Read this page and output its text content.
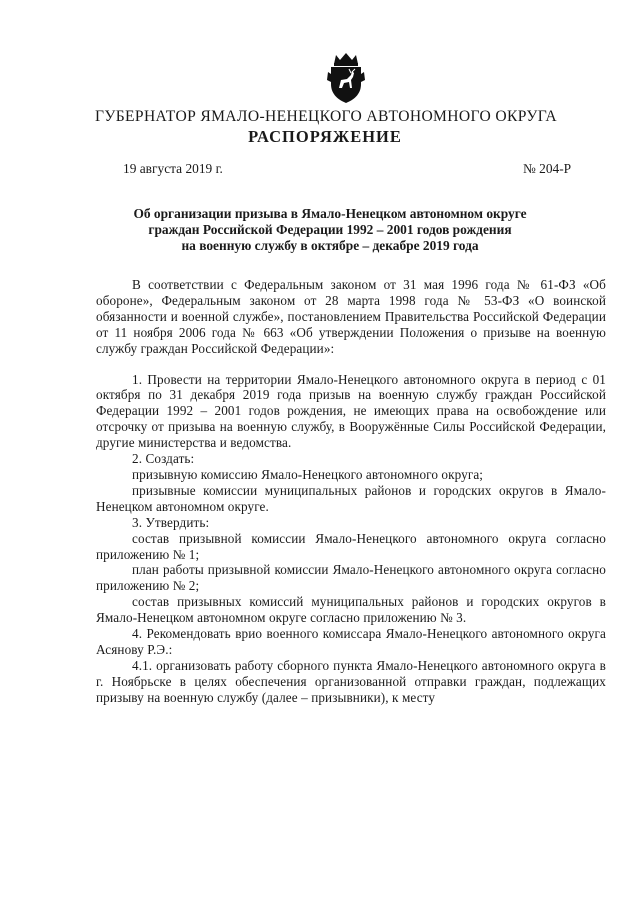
ГУБЕРНАТОР ЯМАЛО-НЕНЕЦКОГО АВТОНОМНОГО ОКРУГА
РАСПОРЯЖЕНИЕ
19 августа 2019 г.	№ 204-Р
Об организации призыва в Ямало-Ненецком автономном округе
граждан Российской Федерации 1992 – 2001 годов рождения
на военную службу в октябре – декабре 2019 года

В соответствии с Федеральным законом от 31 мая 1996 года № 61-ФЗ «Об обороне», Федеральным законом от 28 марта 1998 года № 53-ФЗ «О воинской обязанности и военной службе», постановлением Правительства Российской Федерации от 11 ноября 2006 года № 663 «Об утверждении Положения о призыве на военную службу граждан Российской Федерации»:

1. Провести на территории Ямало-Ненецкого автономного округа в период с 01 октября по 31 декабря 2019 года призыв на военную службу граждан Российской Федерации 1992 – 2001 годов рождения, не имеющих права на освобождение или отсрочку от призыва на военную службу, в Вооружённые Силы Российской Федерации, другие министерства и ведомства.

2. Создать:

призывную комиссию Ямало-Ненецкого автономного округа;

призывные комиссии муниципальных районов и городских округов в Ямало-Ненецком автономном округе.

3. Утвердить:

состав призывной комиссии Ямало-Ненецкого автономного округа согласно приложению № 1;

план работы призывной комиссии Ямало-Ненецкого автономного округа согласно приложению № 2;

состав призывных комиссий муниципальных районов и городских округов в Ямало-Ненецком автономном округе согласно приложению № 3.

4. Рекомендовать врио военного комиссара Ямало-Ненецкого автономного округа Асянову Р.Э.:

4.1. организовать работу сборного пункта Ямало-Ненецкого автономного округа в г. Ноябрьске в целях обеспечения организованной отправки граждан, подлежащих призыву на военную службу (далее – призывники), к месту
